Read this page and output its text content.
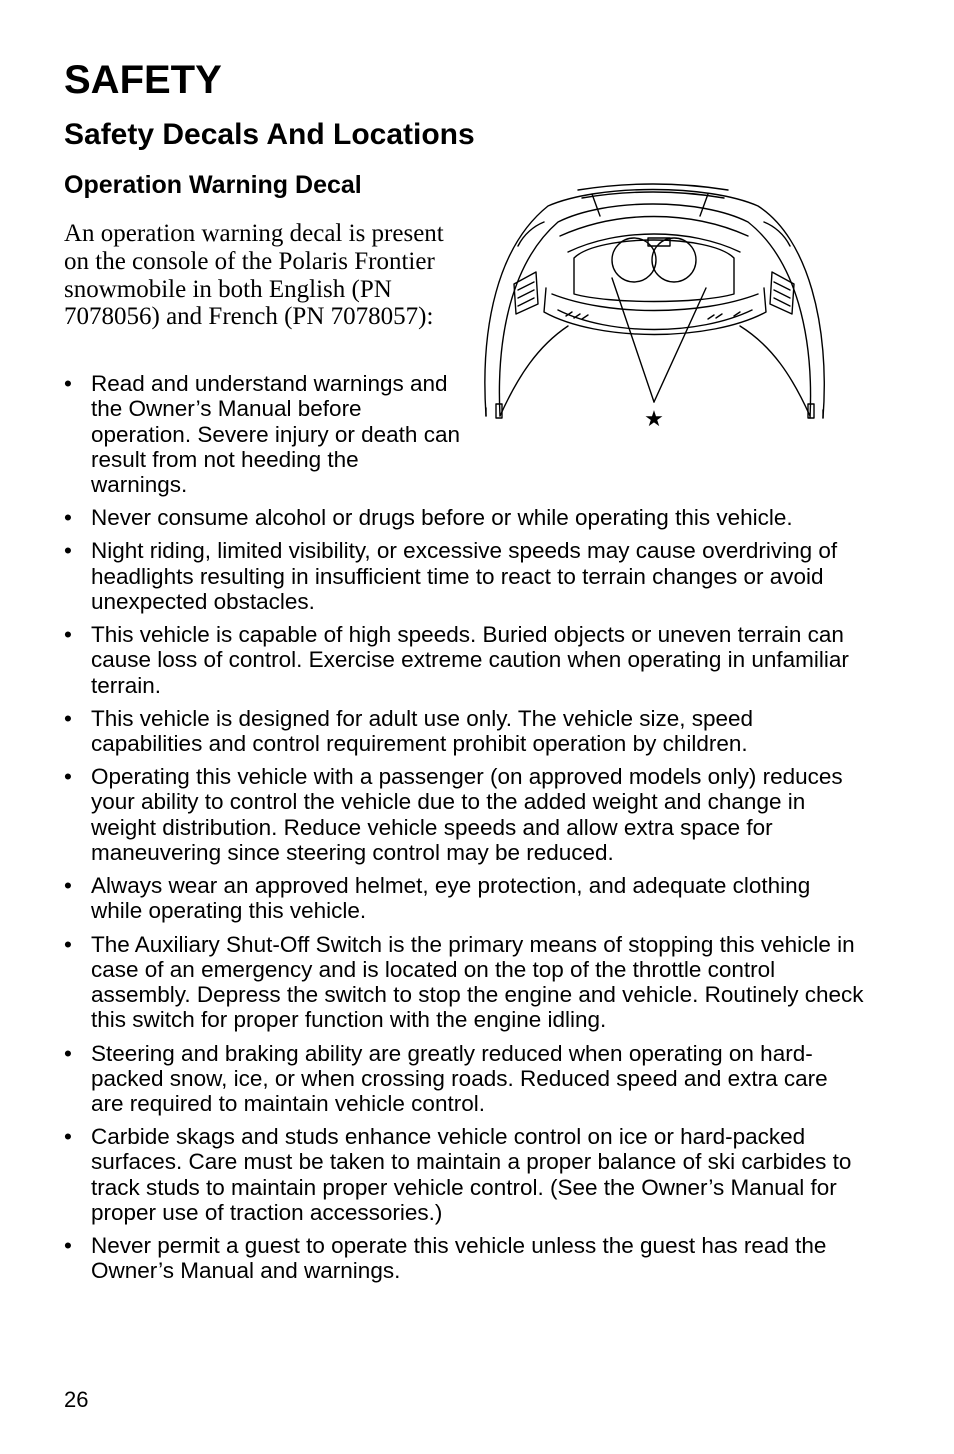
SAFETY
Safety Decals And Locations
Operation Warning Decal

An operation warning decal is present on the console of the Polaris Frontier snowmobile in both English (PN 7078056) and French (PN 7078057):

★
• Read and understand warnings and the Owner’s Manual before operation. Severe injury or death can result from not heeding the warnings.
• Never consume alcohol or drugs before or while operating this vehicle.
• Night riding, limited visibility, or excessive speeds may cause overdriving of headlights resulting in insufficient time to react to terrain changes or avoid unexpected obstacles.
• This vehicle is capable of high speeds. Buried objects or uneven terrain can cause loss of control. Exercise extreme caution when operating in unfamiliar terrain.
• This vehicle is designed for adult use only. The vehicle size, speed capabilities and control requirement prohibit operation by children.
• Operating this vehicle with a passenger (on approved models only) reduces your ability to control the vehicle due to the added weight and change in weight distribution. Reduce vehicle speeds and allow extra space for maneuvering since steering control may be reduced.
• Always wear an approved helmet, eye protection, and adequate clothing while operating this vehicle.
• The Auxiliary Shut-Off Switch is the primary means of stopping this vehicle in case of an emergency and is located on the top of the throttle control assembly. Depress the switch to stop the engine and vehicle. Routinely check this switch for proper function with the engine idling.
• Steering and braking ability are greatly reduced when operating on hard-packed snow, ice, or when crossing roads. Reduced speed and extra care are required to maintain vehicle control.
• Carbide skags and studs enhance vehicle control on ice or hard-packed surfaces. Care must be taken to maintain a proper balance of ski carbides to track studs to maintain proper vehicle control. (See the Owner’s Manual for proper use of traction accessories.)
• Never permit a guest to operate this vehicle unless the guest has read the Owner’s Manual and warnings.
26
